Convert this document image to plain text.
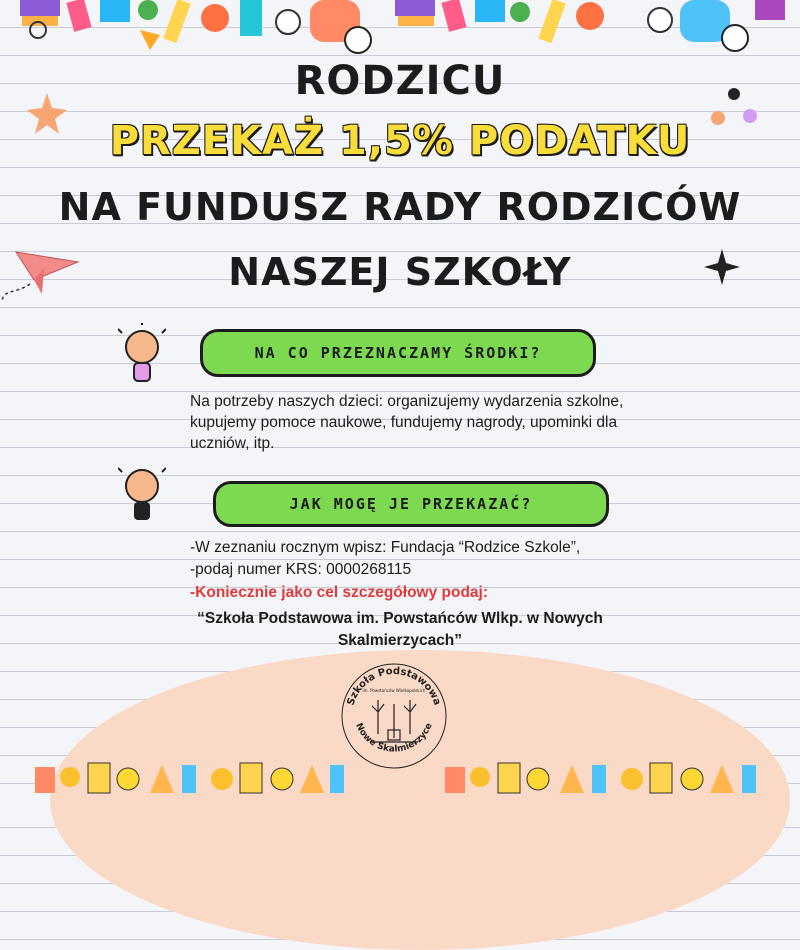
RODZICU
PRZEKAŻ 1,5% PODATKU
NA FUNDUSZ RADY RODZICÓW
NASZEJ SZKOŁY
NA CO PRZEZNACZAMY ŚRODKI?
Na potrzeby naszych dzieci: organizujemy wydarzenia szkolne, kupujemy pomoce naukowe, fundujemy nagrody, upominki dla uczniów, itp.
JAK MOGĘ JE PRZEKAZAĆ?
-W zeznaniu rocznym wpisz: Fundacja “Rodzice Szkole”,
-podaj numer KRS: 0000268115
-Koniecznie jako cel szczegółowy podaj:
“Szkoła Podstawowa im. Powstańców Wlkp. w Nowych Skalmierzycach”
Szkoła Podstawowa
im. Powstańców Wielkopolskich
Nowe Skalmierzyce
